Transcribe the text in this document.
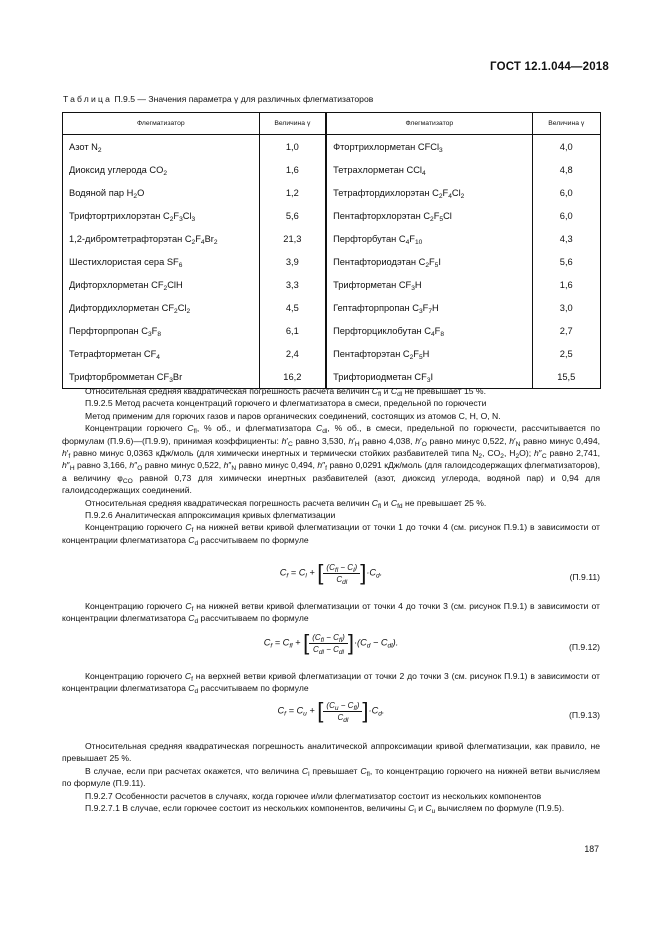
ГОСТ 12.1.044—2018
Таблица П.9.5 — Значения параметра γ для различных флегматизаторов
Флегматизатор	Величина γ	Флегматизатор	Величина γ
Азот $N_2$	1,0	Фтортрихлорметан CFCl$_3$	4,0
Диоксид углерода $CO_2$	1,6	Тетрахлорметан CCl$_4$	4,8
Водяной пар $H_2O$	1,2	Тетрафтордихлорэтан $C_2F_4Cl_2$	6,0
Трифтортрихлорэтан $C_2F_3Cl_3$	5,6	Пентафторхлорэтан $C_2F_5Cl$	6,0
1,2-дибромтетрафторэтан $C_2F_4Br_2$	21,3	Перфторбутан $C_4F_{10}$	4,3
Шестихлористая сера $SF_6$	3,9	Пентафториодэтан $C_2F_5I$	5,6
Дифторхлорметан $CF_2ClH$	3,3	Трифторметан $CF_3H$	1,6
Дифтордихлорметан $CF_2Cl_2$	4,5	Гептафторпропан $C_3F_7H$	3,0
Перфторпропан $C_3F_8$	6,1	Перфторциклобутан $C_4F_8$	2,7
Тетрафторметан $CF_4$	2,4	Пентафторэтан $C_2F_5H$	2,5
Трифторбромметан $CF_3Br$	16,2	Трифториодметан $CF_3I$	15,5

Относительная средняя квадратическая погрешность расчета величин $C_{fl}$ и $C_{dl}$ не превышает 15 %.

П.9.2.5 Метод расчета концентраций горючего и флегматизатора в смеси, предельной по горючести

Метод применим для горючих газов и паров органических соединений, состоящих из атомов C, H, O, N.

Концентрации горючего $C_{fl}$, % об., и флегматизатора $C_{dl}$, % об., в смеси, предельной по горючести, рассчитывается по формулам (П.9.6)—(П.9.9), принимая коэффициенты: $h'_C$ равно 3,530, $h'_H$ равно 4,038, $h'_O$ равно минус 0,522, $h'_N$ равно минус 0,494, $h'_f$ равно минус 0,0363 кДж/моль (для химически инертных и термически стойких разбавителей типа $N_2$, $CO_2$, $H_2O$); $h''_C$ равно 2,741, $h''_H$ равно 3,166, $h''_O$ равно минус 0,522, $h''_N$ равно минус 0,494, $h''_f$ равно 0,0291 кДж/моль (для галоидсодержащих флегматизаторов), а величину $\varphi_{CO}$ равной 0,73 для химически инертных разбавителей (азот, диоксид углерода, водяной пар) и 0,94 для галоидсодержащих соединений.

Относительная средняя квадратическая погрешность расчета величин $C_{fl}$ и $C_{fd}$ не превышает 25 %.

П.9.2.6 Аналитическая аппроксимация кривых флегматизации

Концентрацию горючего $C_f$ на нижней ветви кривой флегматизации от точки 1 до точки 4 (см. рисунок П.9.1) в зависимости от концентрации флегматизатора $C_d$ рассчитываем по формуле

$C_f = C_l$ + [ $\frac{(C_{fl} - C_l)}{C_{dl}} ]\cdot C_d$.	(П.9.11)

Концентрацию горючего $C_f$ на нижней ветви кривой флегматизации от точки 4 до точки 3 (см. рисунок П.9.1) в зависимости от концентрации флегматизатора $C_d$ рассчитываем по формуле

$C_f = C_{fl}$ + [ $\frac{(C_{fl} - C_{fl})}{C_{dl} - C_{dl}} ]\cdot(C_d - C_{dl})$.	(П.9.12)

Концентрацию горючего $C_f$ на верхней ветви кривой флегматизации от точки 2 до точки 3 (см. рисунок П.9.1) в зависимости от концентрации флегматизатора $C_d$ рассчитываем по формуле

$C_f = C_u$ + [ $\frac{(C_u - C_{fl})}{C_{dl}} ]\cdot C_d$.	(П.9.13)

Относительная средняя квадратическая погрешность аналитической аппроксимации кривой флегматизации, как правило, не превышает 25 %.

В случае, если при расчетах окажется, что величина $C_l$ превышает $C_{fl}$, то концентрацию горючего на нижней ветви вычисляем по формуле (П.9.11).

П.9.2.7 Особенности расчетов в случаях, когда горючее и/или флегматизатор состоит из нескольких компонентов

П.9.2.7.1 В случае, если горючее состоит из нескольких компонентов, величины $C_l$ и $C_u$ вычисляем по формуле (П.9.5).

187
